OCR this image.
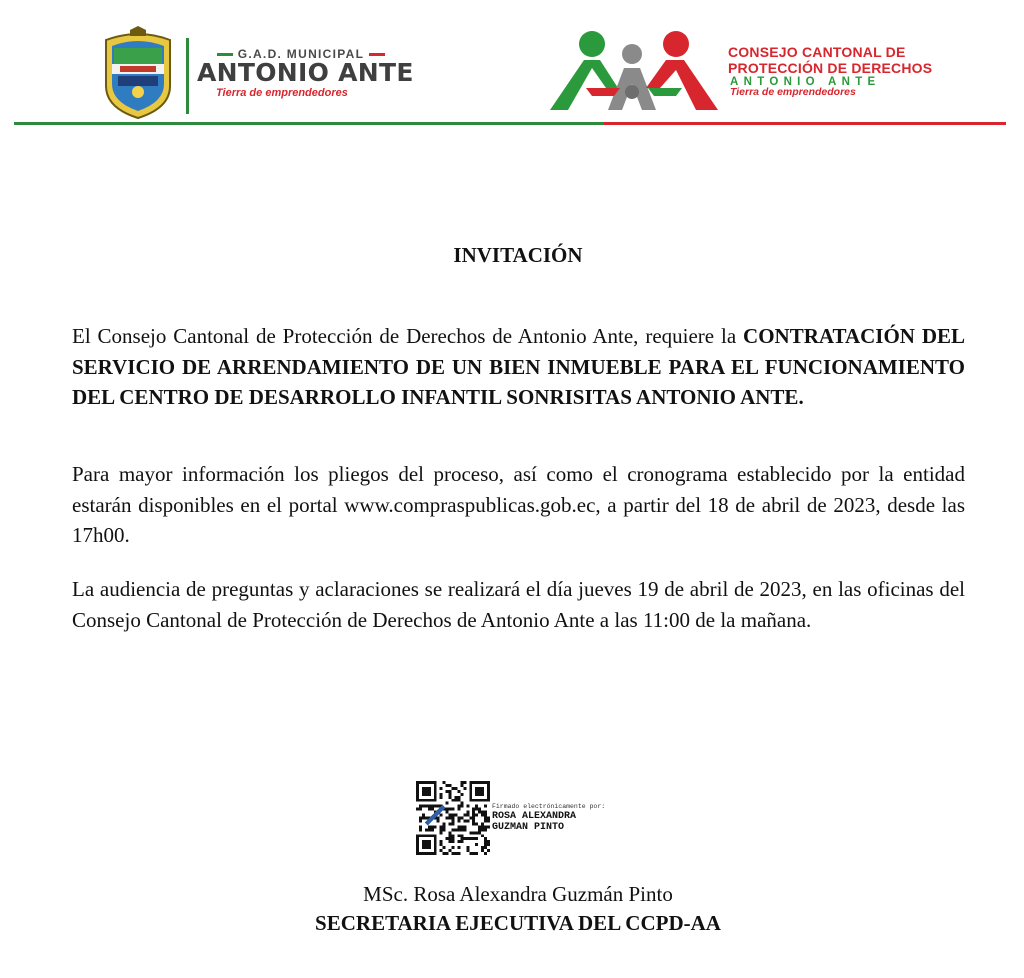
G.A.D. MUNICIPAL
ANTONIO ANTE
Tierra de emprendedores
CONSEJO CANTONAL DE
PROTECCIÓN DE DERECHOS
ANTONIO ANTE
Tierra de emprendedores
INVITACIÓN

El Consejo Cantonal de Protección de Derechos de Antonio Ante, requiere la CONTRATACIÓN DEL SERVICIO DE ARRENDAMIENTO DE UN BIEN INMUEBLE PARA EL FUNCIONAMIENTO DEL CENTRO DE DESARROLLO INFANTIL SONRISITAS ANTONIO ANTE.

Para mayor información los pliegos del proceso, así como el cronograma establecido por la entidad estarán disponibles en el portal www.compraspublicas.gob.ec, a partir del 18 de abril de 2023, desde las 17h00.

La audiencia de preguntas y aclaraciones se realizará el día jueves 19 de abril de 2023, en las oficinas del Consejo Cantonal de Protección de Derechos de Antonio Ante a las 11:00 de la mañana.

Firmado electrónicamente por:
ROSA ALEXANDRA
GUZMAN PINTO
MSc. Rosa Alexandra Guzmán Pinto
SECRETARIA EJECUTIVA DEL CCPD-AA
